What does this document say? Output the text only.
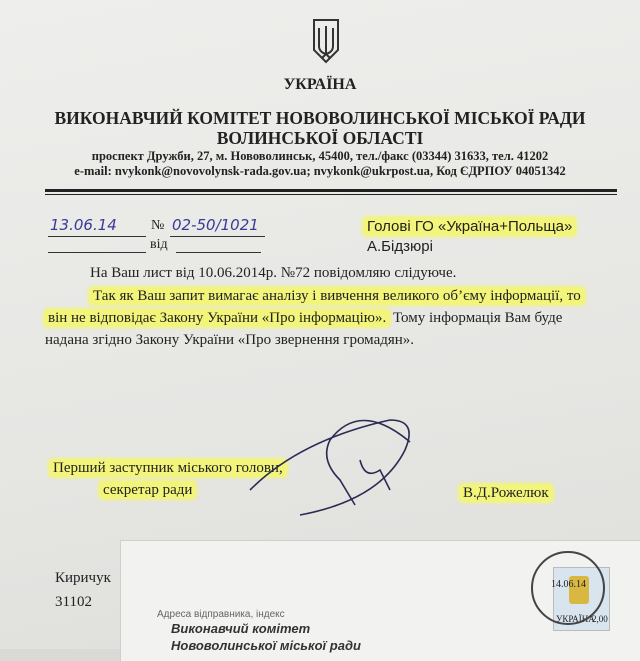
УКРАЇНА
ВИКОНАВЧИЙ КОМІТЕТ НОВОВОЛИНСЬКОЇ МІСЬКОЇ РАДИ
ВОЛИНСЬКОЇ ОБЛАСТІ
проспект Дружби, 27, м. Нововолинськ, 45400, тел./факс (03344) 31633, тел. 41202
e-mail: nvykonk@novovolynsk-rada.gov.ua; nvykonk@ukrpost.ua, Код ЄДРПОУ 04051342
13.06.14 № 02-50/1021
від
Голові ГО «Україна+Польща»
А.Бідзюрі
На Ваш лист від 10.06.2014р. №72 повідомляю слідуюче.
Так як Ваш запит вимагає аналізу і вивчення великого об’єму інформації, то
він не відповідає Закону України «Про інформацію». Тому інформація Вам буде
надана згідно Закону України «Про звернення громадян».
Перший заступник міського голови,
секретар ради	В.Д.Рожелюк
Адреса відправника, індекс
Виконавчий комітет
Нововолинської міської ради
УКРАЇНА
2,00
14.06.14
Киричук
31102
